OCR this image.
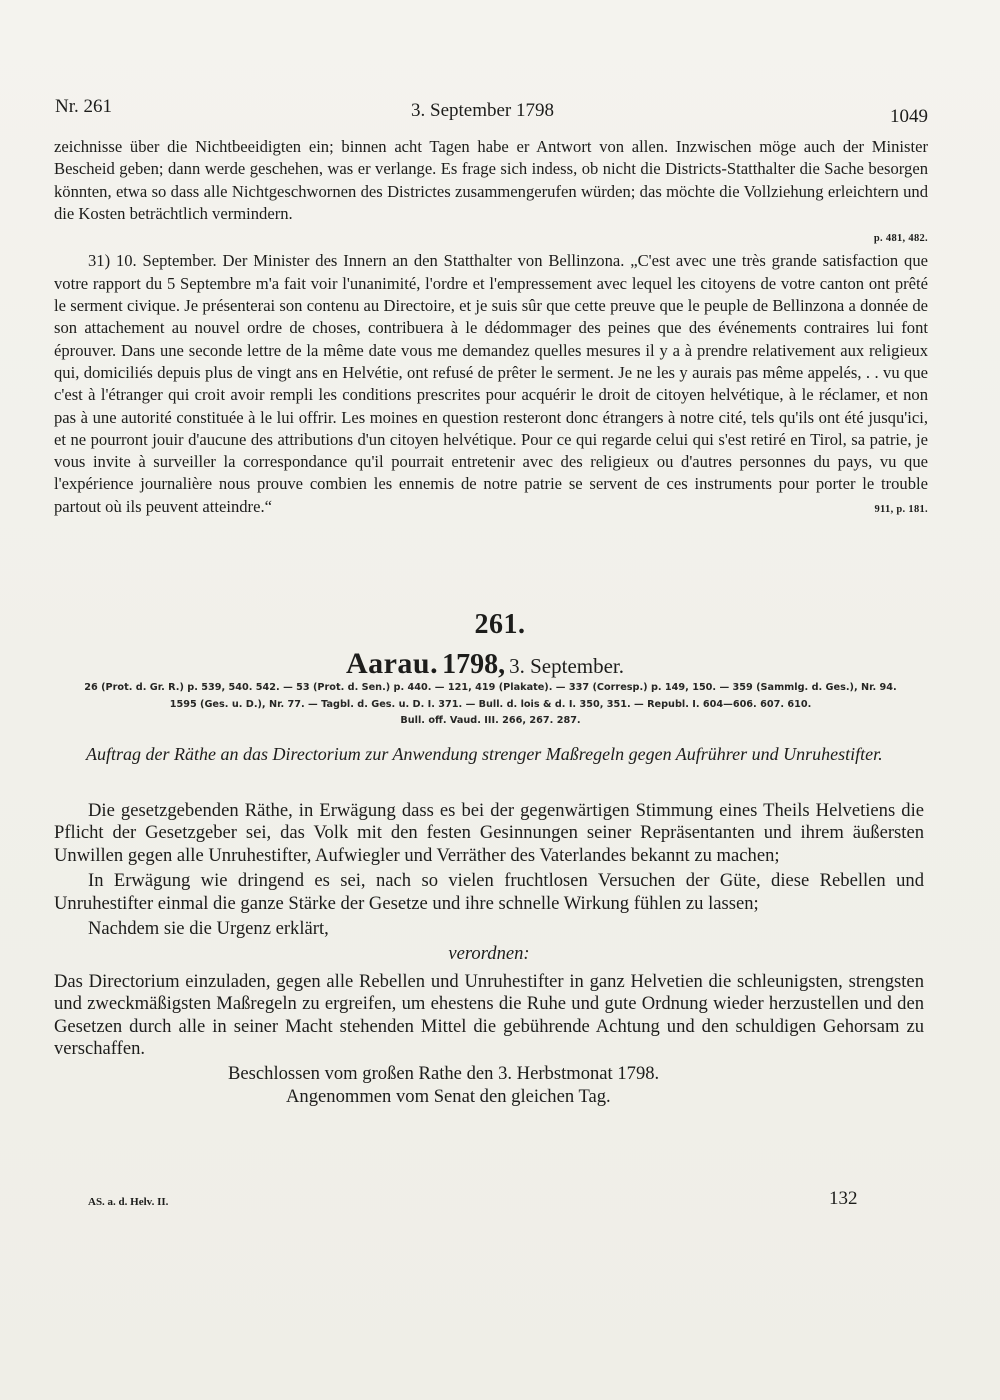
Nr. 261	3. September 1798	1049

zeichnisse über die Nichtbeeidigten ein; binnen acht Tagen habe er Antwort von allen. Inzwischen möge auch der Minister Bescheid geben; dann werde geschehen, was er verlange. Es frage sich indess, ob nicht die Districts-Statthalter die Sache besorgen könnten, etwa so dass alle Nichtgeschwornen des Districtes zusammengerufen würden; das möchte die Vollziehung erleichtern und die Kosten beträchtlich vermindern.

p. 481, 482.

31) 10. September. Der Minister des Innern an den Statthalter von Bellinzona. „C'est avec une très grande satisfaction que votre rapport du 5 Septembre m'a fait voir l'unanimité, l'ordre et l'empressement avec lequel les citoyens de votre canton ont prêté le serment civique. Je présenterai son contenu au Directoire, et je suis sûr que cette preuve que le peuple de Bellinzona a donnée de son attachement au nouvel ordre de choses, contribuera à le dédommager des peines que des événements contraires lui font éprouver. Dans une seconde lettre de la même date vous me demandez quelles mesures il y a à prendre relativement aux religieux qui, domiciliés depuis plus de vingt ans en Helvétie, ont refusé de prêter le serment. Je ne les y aurais pas même appelés, . . vu que c'est à l'étranger qui croit avoir rempli les conditions prescrites pour acquérir le droit de citoyen helvétique, à le réclamer, et non pas à une autorité constituée à le lui offrir. Les moines en question resteront donc étrangers à notre cité, tels qu'ils ont été jusqu'ici, et ne pourront jouir d'aucune des attributions d'un citoyen helvétique. Pour ce qui regarde celui qui s'est retiré en Tirol, sa patrie, je vous invite à surveiller la correspondance qu'il pourrait entretenir avec des religieux ou d'autres personnes du pays, vu que l'expérience journalière nous prouve combien les ennemis de notre patrie se servent de ces instruments pour porter le trouble partout où ils peuvent atteindre.“	911, p. 181.

261.
Aarau. 1798, 3. September.

26 (Prot. d. Gr. R.) p. 539, 540. 542. — 53 (Prot. d. Sen.) p. 440. — 121, 419 (Plakate). — 337 (Corresp.) p. 149, 150. — 359 (Sammlg. d. Ges.), Nr. 94.

1595 (Ges. u. D.), Nr. 77. — Tagbl. d. Ges. u. D. I. 371. — Bull. d. lois & d. I. 350, 351. — Republ. I. 604—606. 607. 610.

Bull. off. Vaud. III. 266, 267. 287.

Auftrag der Räthe an das Directorium zur Anwendung strenger Maßregeln gegen Aufrührer und Unruhestifter.

Die gesetzgebenden Räthe, in Erwägung dass es bei der gegenwärtigen Stimmung eines Theils Helvetiens die Pflicht der Gesetzgeber sei, das Volk mit den festen Gesinnungen seiner Repräsentanten und ihrem äußersten Unwillen gegen alle Unruhestifter, Aufwiegler und Verräther des Vaterlandes bekannt zu machen;

In Erwägung wie dringend es sei, nach so vielen fruchtlosen Versuchen der Güte, diese Rebellen und Unruhestifter einmal die ganze Stärke der Gesetze und ihre schnelle Wirkung fühlen zu lassen;

Nachdem sie die Urgenz erklärt,

verordnen:

Das Directorium einzuladen, gegen alle Rebellen und Unruhestifter in ganz Helvetien die schleunigsten, strengsten und zweckmäßigsten Maßregeln zu ergreifen, um ehestens die Ruhe und gute Ordnung wieder herzustellen und den Gesetzen durch alle in seiner Macht stehenden Mittel die gebührende Achtung und den schuldigen Gehorsam zu verschaffen.

Beschlossen vom großen Rathe den 3. Herbstmonat 1798.

Angenommen vom Senat den gleichen Tag.

AS. a. d. Helv. II.	132
